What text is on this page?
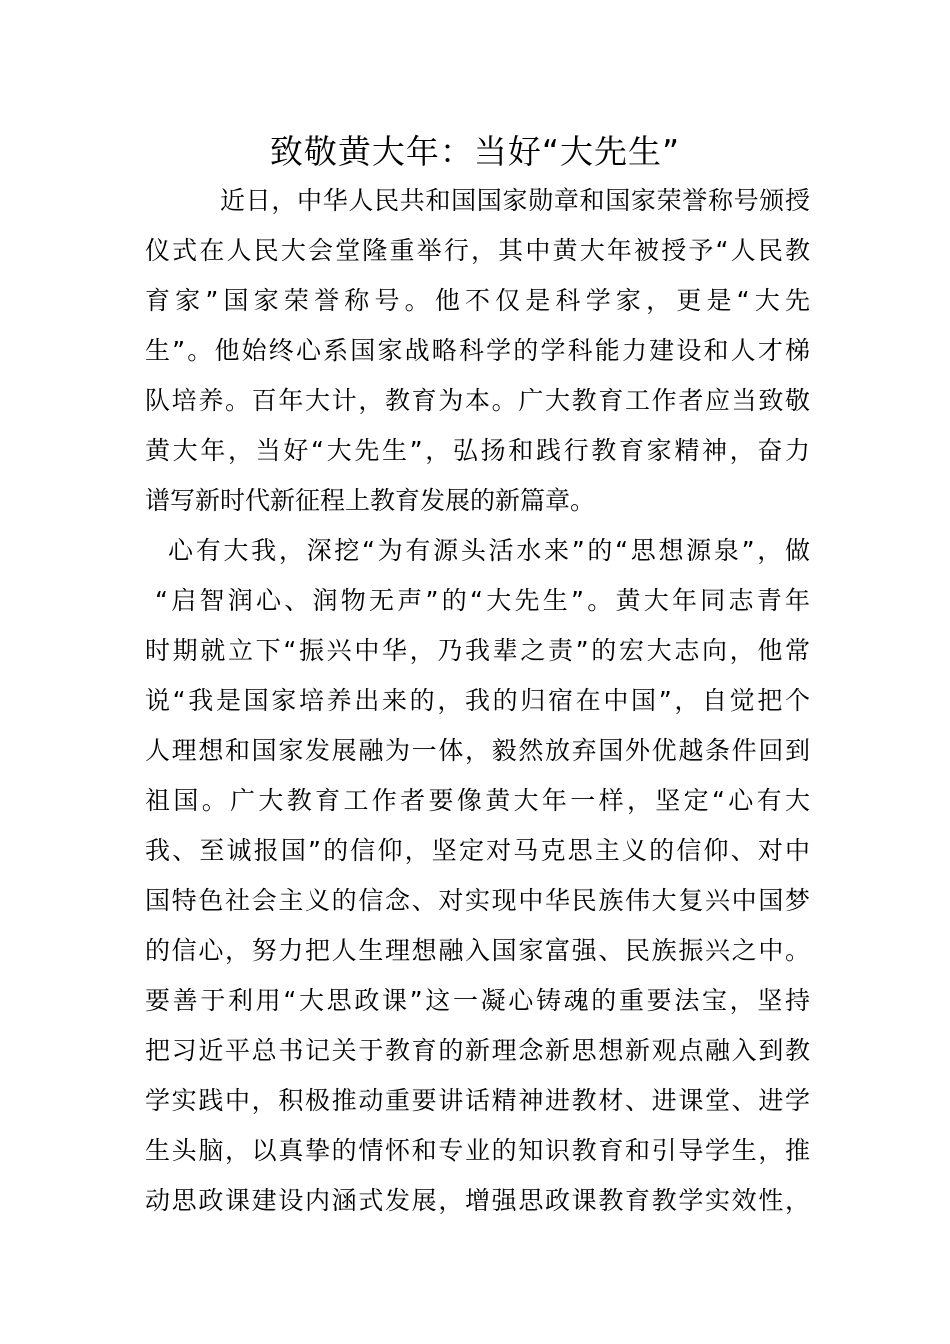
致敬黄大年：当好“大先生”
近日，中华人民共和国国家勋章和国家荣誉称号颁授
仪式在人民大会堂隆重举行，其中黄大年被授予“人民教
育家”国家荣誉称号。他不仅是科学家，更是“大先
生”。他始终心系国家战略科学的学科能力建设和人才梯
队培养。百年大计，教育为本。广大教育工作者应当致敬
黄大年，当好“大先生”，弘扬和践行教育家精神，奋力
谱写新时代新征程上教育发展的新篇章。
心有大我，深挖“为有源头活水来”的“思想源泉”，做
“启智润心、润物无声”的“大先生”。黄大年同志青年
时期就立下“振兴中华，乃我辈之责”的宏大志向，他常
说“我是国家培养出来的，我的归宿在中国”，自觉把个
人理想和国家发展融为一体，毅然放弃国外优越条件回到
祖国。广大教育工作者要像黄大年一样，坚定“心有大
我、至诚报国”的信仰，坚定对马克思主义的信仰、对中
国特色社会主义的信念、对实现中华民族伟大复兴中国梦
的信心，努力把人生理想融入国家富强、民族振兴之中。
要善于利用“大思政课”这一凝心铸魂的重要法宝，坚持
把习近平总书记关于教育的新理念新思想新观点融入到教
学实践中，积极推动重要讲话精神进教材、进课堂、进学
生头脑，以真挚的情怀和专业的知识教育和引导学生，推
动思政课建设内涵式发展，增强思政课教育教学实效性，
